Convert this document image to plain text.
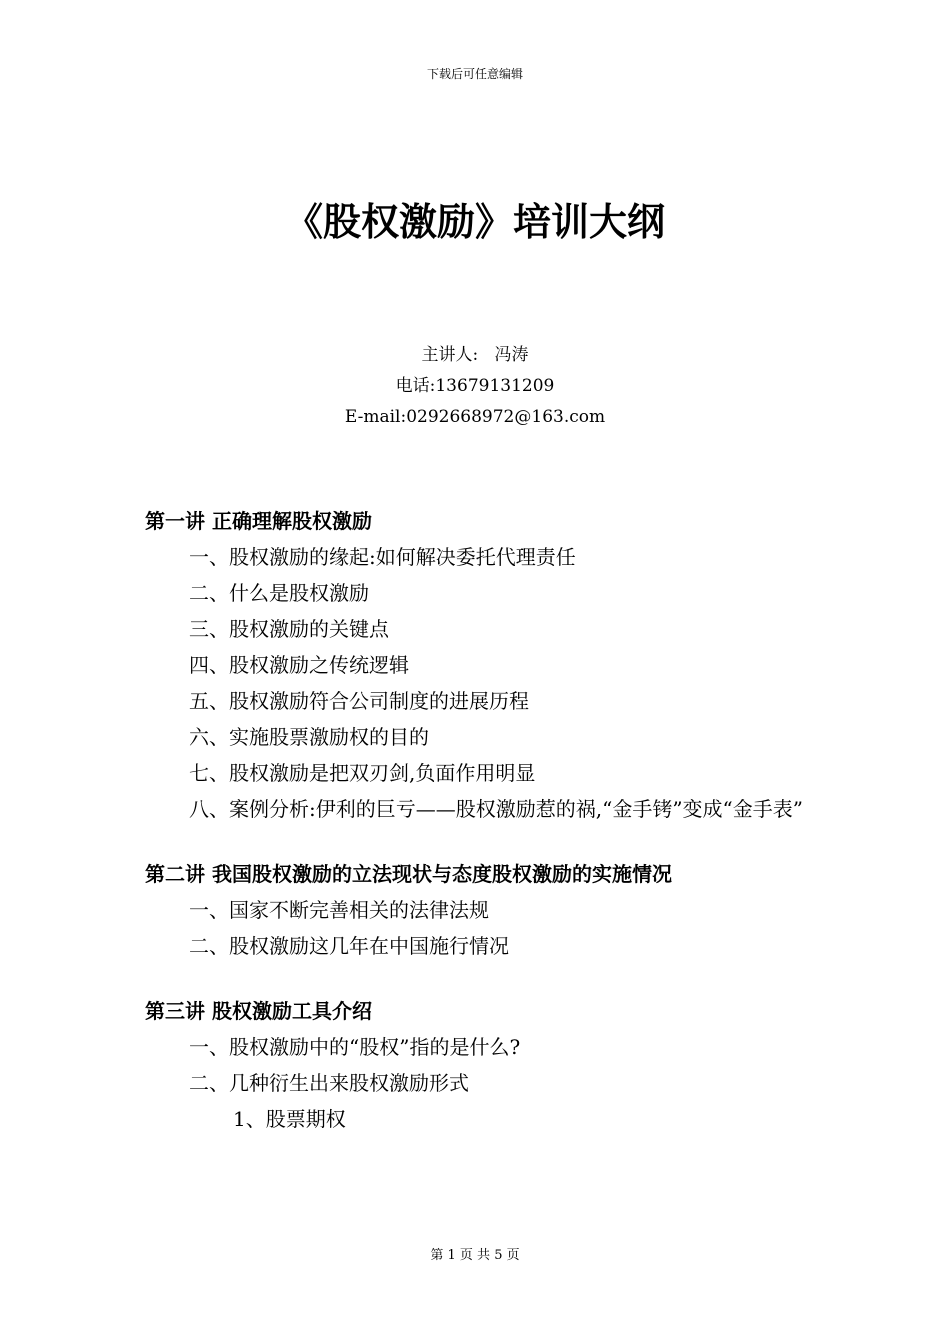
下载后可任意编辑
《股权激励》培训大纲
主讲人:   冯涛
电话:13679131209
E-mail:0292668972@163.com
第一讲 正确理解股权激励
一、股权激励的缘起:如何解决委托代理责任
二、什么是股权激励
三、股权激励的关键点
四、股权激励之传统逻辑
五、股权激励符合公司制度的进展历程
六、实施股票激励权的目的
七、股权激励是把双刃剑,负面作用明显
八、案例分析:伊利的巨亏——股权激励惹的祸,“金手铐”变成“金手表”
第二讲 我国股权激励的立法现状与态度股权激励的实施情况
一、国家不断完善相关的法律法规
二、股权激励这几年在中国施行情况
第三讲 股权激励工具介绍
一、股权激励中的“股权”指的是什么?
二、几种衍生出来股权激励形式
1、股票期权
第 1 页 共 5 页
